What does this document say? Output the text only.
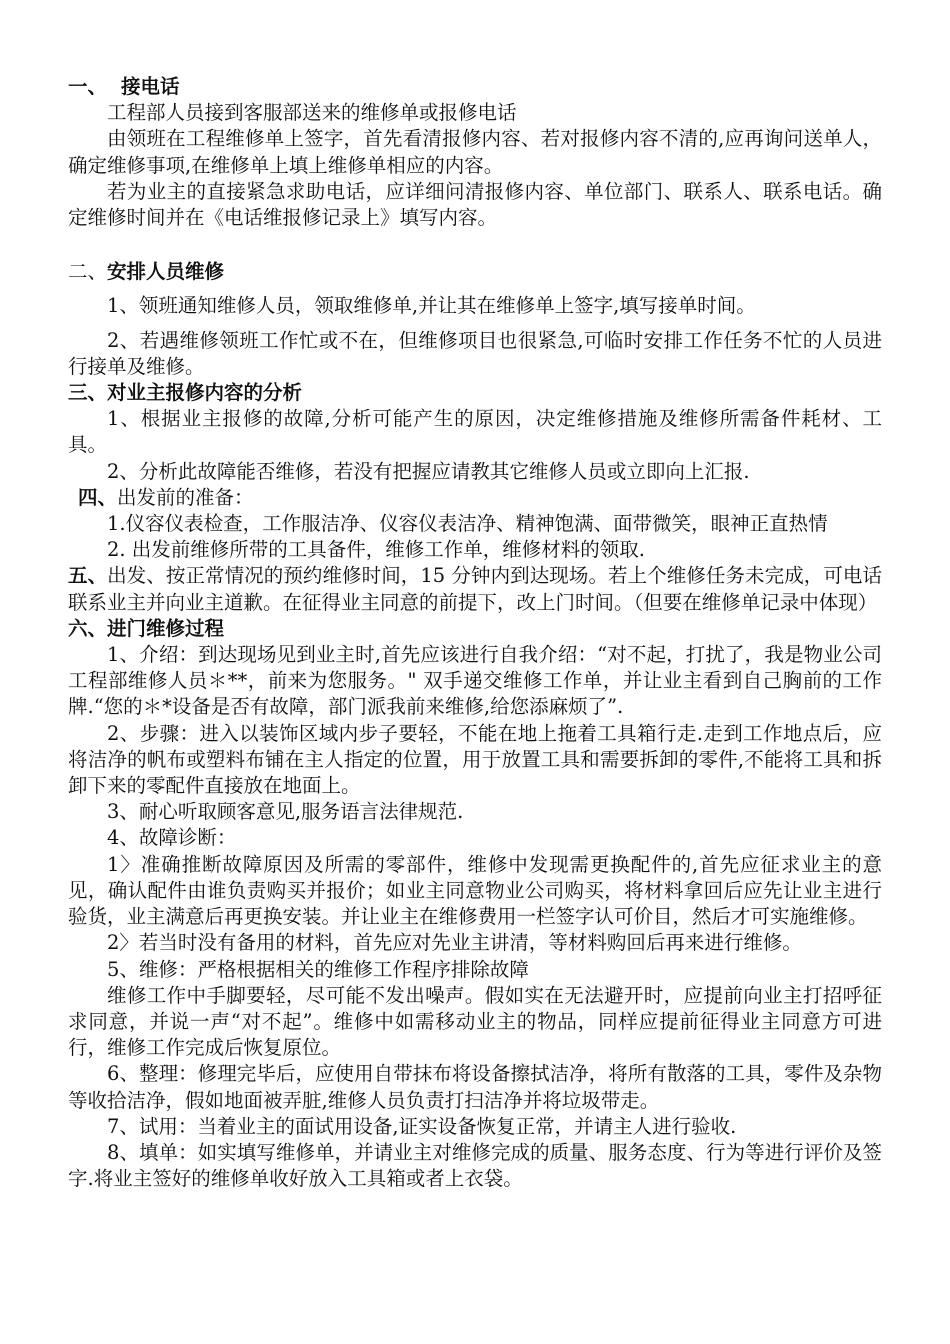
一、 接电话

工程部人员接到客服部送来的维修单或报修电话

由领班在工程维修单上签字，首先看清报修内容、若对报修内容不清的,应再询问送单人，确定维修事项,在维修单上填上维修单相应的内容。

若为业主的直接紧急求助电话，应详细问清报修内容、单位部门、联系人、联系电话。确定维修时间并在《电话维报修记录上》填写内容。

二、安排人员维修

1、领班通知维修人员，领取维修单,并让其在维修单上签字,填写接单时间。

2、若遇维修领班工作忙或不在，但维修项目也很紧急,可临时安排工作任务不忙的人员进行接单及维修。

三、对业主报修内容的分析

1、根据业主报修的故障,分析可能产生的原因，决定维修措施及维修所需备件耗材、工具。

2、分析此故障能否维修，若没有把握应请教其它维修人员或立即向上汇报.

四、出发前的准备：

1.仪容仪表检查，工作服洁净、仪容仪表洁净、精神饱满、面带微笑，眼神正直热情

2. 出发前维修所带的工具备件，维修工作单，维修材料的领取.

五、出发、按正常情况的预约维修时间，15 分钟内到达现场。若上个维修任务未完成，可电话联系业主并向业主道歉。在征得业主同意的前提下，改上门时间。（但要在维修单记录中体现）

六、进门维修过程

1、介绍：到达现场见到业主时,首先应该进行自我介绍：“对不起，打扰了，我是物业公司工程部维修人员＊**，前来为您服务。" 双手递交维修工作单，并让业主看到自己胸前的工作牌.“您的＊*设备是否有故障，部门派我前来维修,给您添麻烦了”.

2、步骤：进入以装饰区域内步子要轻，不能在地上拖着工具箱行走.走到工作地点后，应将洁净的帆布或塑料布铺在主人指定的位置，用于放置工具和需要拆卸的零件,不能将工具和拆卸下来的零配件直接放在地面上。

3、耐心听取顾客意见,服务语言法律规范.

4、故障诊断：

1〉准确推断故障原因及所需的零部件，维修中发现需更换配件的,首先应征求业主的意见，确认配件由谁负责购买并报价；如业主同意物业公司购买，将材料拿回后应先让业主进行验货，业主满意后再更换安装。并让业主在维修费用一栏签字认可价目，然后才可实施维修。

2〉若当时没有备用的材料，首先应对先业主讲清，等材料购回后再来进行维修。

5、维修：严格根据相关的维修工作程序排除故障

维修工作中手脚要轻，尽可能不发出噪声。假如实在无法避开时，应提前向业主打招呼征求同意，并说一声“对不起”。维修中如需移动业主的物品，同样应提前征得业主同意方可进行，维修工作完成后恢复原位。

6、整理：修理完毕后，应使用自带抹布将设备擦拭洁净，将所有散落的工具，零件及杂物等收拾洁净，假如地面被弄脏,维修人员负责打扫洁净并将垃圾带走。

7、试用：当着业主的面试用设备,证实设备恢复正常，并请主人进行验收.

8、填单：如实填写维修单，并请业主对维修完成的质量、服务态度、行为等进行评价及签字.将业主签好的维修单收好放入工具箱或者上衣袋。
